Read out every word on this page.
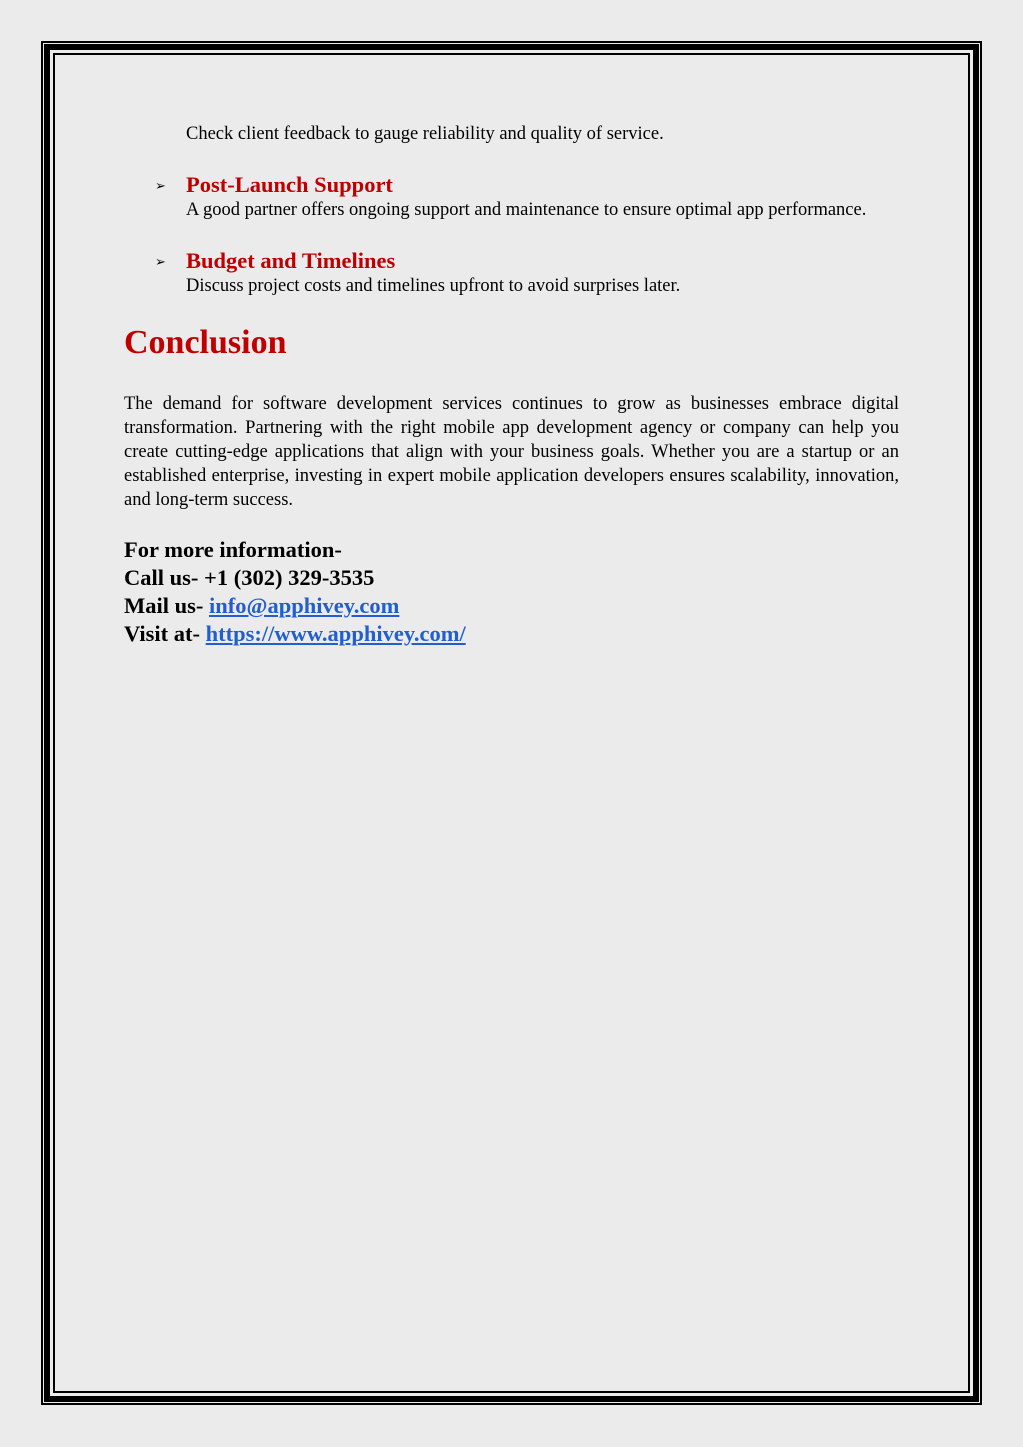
Check client feedback to gauge reliability and quality of service.

➢ Post-Launch Support

A good partner offers ongoing support and maintenance to ensure optimal app performance.

➢ Budget and Timelines

Discuss project costs and timelines upfront to avoid surprises later.

Conclusion

The demand for software development services continues to grow as businesses embrace digital transformation. Partnering with the right mobile app development agency or company can help you create cutting-edge applications that align with your business goals. Whether you are a startup or an established enterprise, investing in expert mobile application developers ensures scalability, innovation, and long-term success.

For more information-
Call us- +1 (302) 329-3535
Mail us- info@apphivey.com
Visit at- https://www.apphivey.com/
